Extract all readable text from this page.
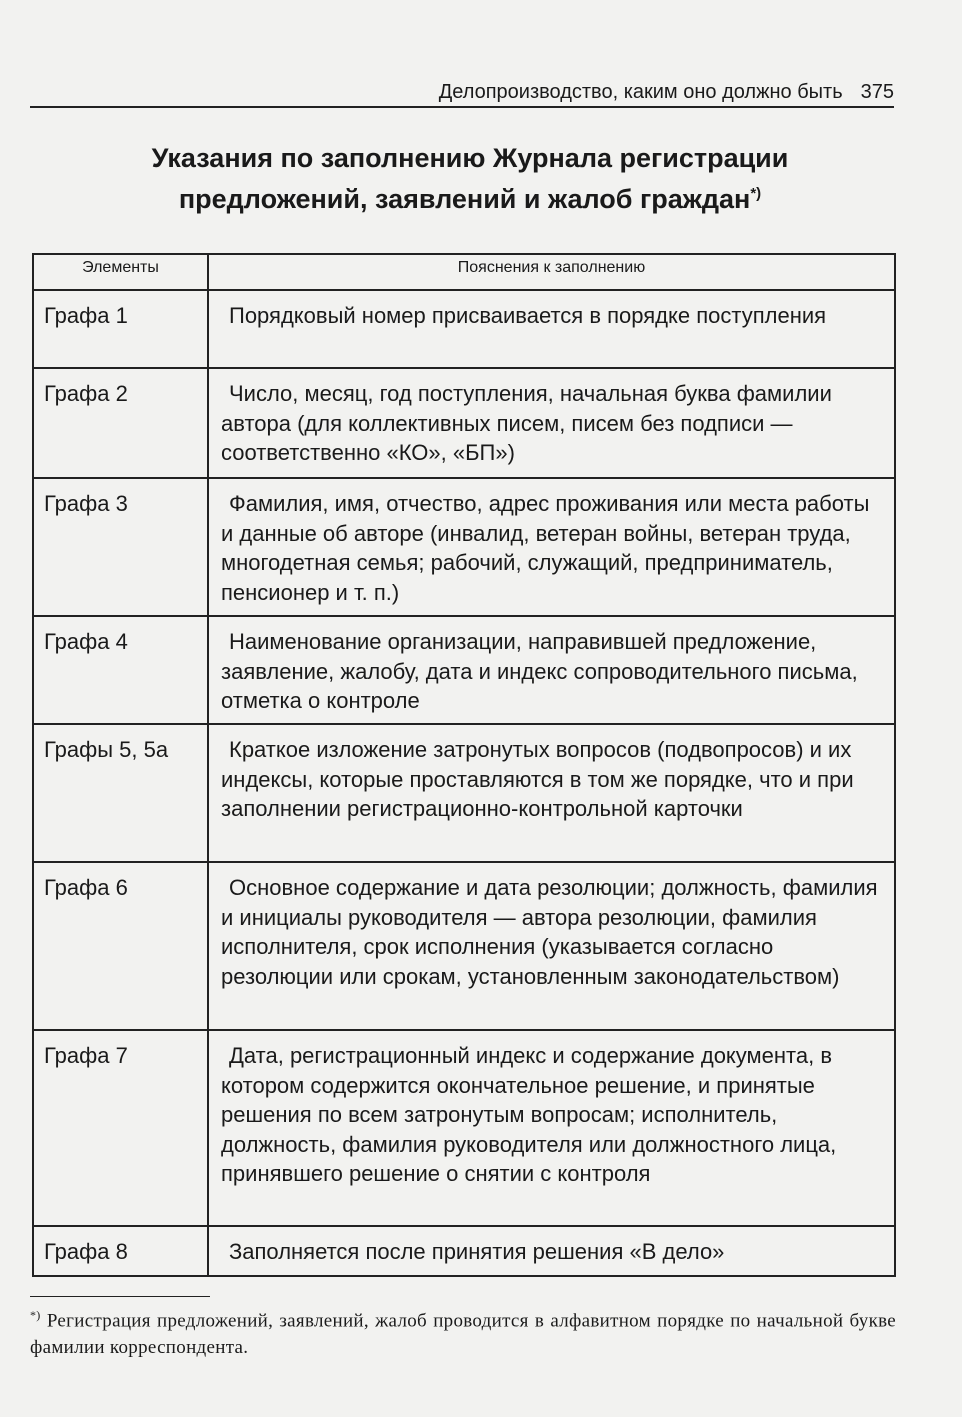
Делопроизводство, каким оно должно быть 375
Указания по заполнению Журнала регистрации
предложений, заявлений и жалоб граждан*)
Элементы	Пояснения к заполнению
Графа 1	Порядковый номер присваивается в порядке поступления
Графа 2	Число, месяц, год поступления, начальная буква фамилии автора (для коллективных писем, писем без подписи — соответственно «КО», «БП»)
Графа 3	Фамилия, имя, отчество, адрес проживания или места работы и данные об авторе (инвалид, ветеран войны, ветеран труда, многодетная семья; рабочий, служащий, предприниматель, пенсионер и т. п.)
Графа 4	Наименование организации, направившей предложение, заявление, жалобу, дата и индекс сопроводительного письма, отметка о контроле
Графы 5, 5а	Краткое изложение затронутых вопросов (подвопросов) и их индексы, которые проставляются в том же порядке, что и при заполнении регистрационно-контрольной карточки
Графа 6	Основное содержание и дата резолюции; должность, фамилия и инициалы руководителя — автора резолюции, фамилия исполнителя, срок исполнения (указывается согласно резолюции или срокам, установленным законодательством)
Графа 7	Дата, регистрационный индекс и содержание документа, в котором содержится окончательное решение, и принятые решения по всем затронутым вопросам; исполнитель, должность, фамилия руководителя или должностного лица, принявшего решение о снятии с контроля
Графа 8	Заполняется после принятия решения «В дело»
*) Регистрация предложений, заявлений, жалоб проводится в алфавитном порядке по начальной букве фамилии корреспондента.
